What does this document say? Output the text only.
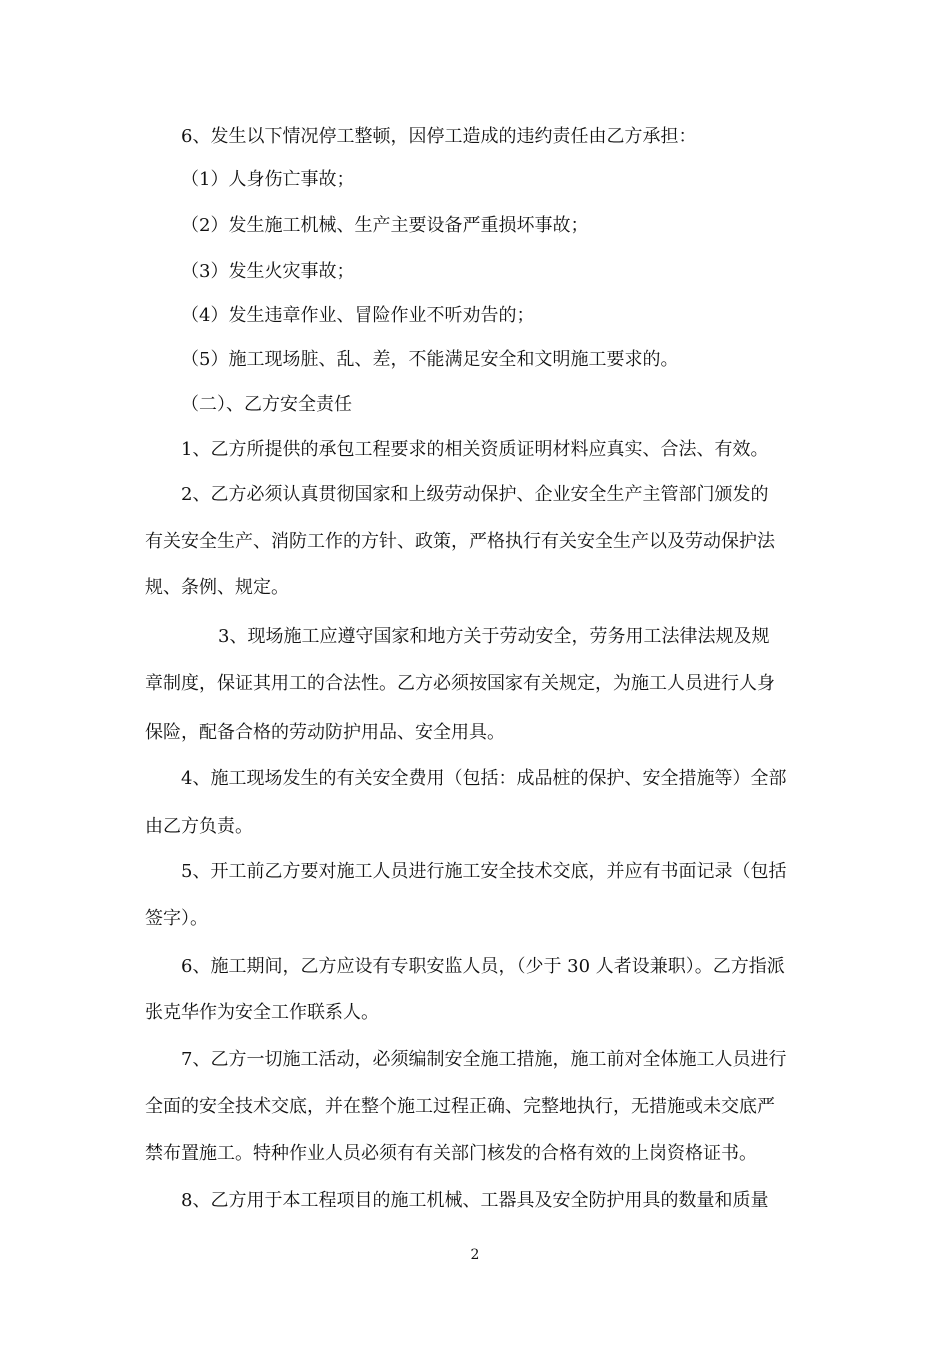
6、发生以下情况停工整顿，因停工造成的违约责任由乙方承担：
（1）人身伤亡事故；
（2）发生施工机械、生产主要设备严重损坏事故；
（3）发生火灾事故；
（4）发生违章作业、冒险作业不听劝告的；
（5）施工现场脏、乱、差，不能满足安全和文明施工要求的。
（二）、乙方安全责任
1、乙方所提供的承包工程要求的相关资质证明材料应真实、合法、有效。
2、乙方必须认真贯彻国家和上级劳动保护、企业安全生产主管部门颁发的
有关安全生产、消防工作的方针、政策，严格执行有关安全生产以及劳动保护法
规、条例、规定。
3、现场施工应遵守国家和地方关于劳动安全，劳务用工法律法规及规
章制度，保证其用工的合法性。乙方必须按国家有关规定，为施工人员进行人身
保险，配备合格的劳动防护用品、安全用具。
4、施工现场发生的有关安全费用（包括：成品桩的保护、安全措施等）全部
由乙方负责。
5、开工前乙方要对施工人员进行施工安全技术交底，并应有书面记录（包括
签字）。
6、施工期间，乙方应设有专职安监人员，（少于 30 人者设兼职）。乙方指派
张克华作为安全工作联系人。
7、乙方一切施工活动，必须编制安全施工措施，施工前对全体施工人员进行
全面的安全技术交底，并在整个施工过程正确、完整地执行，无措施或未交底严
禁布置施工。特种作业人员必须有有关部门核发的合格有效的上岗资格证书。
8、乙方用于本工程项目的施工机械、工器具及安全防护用具的数量和质量
2
